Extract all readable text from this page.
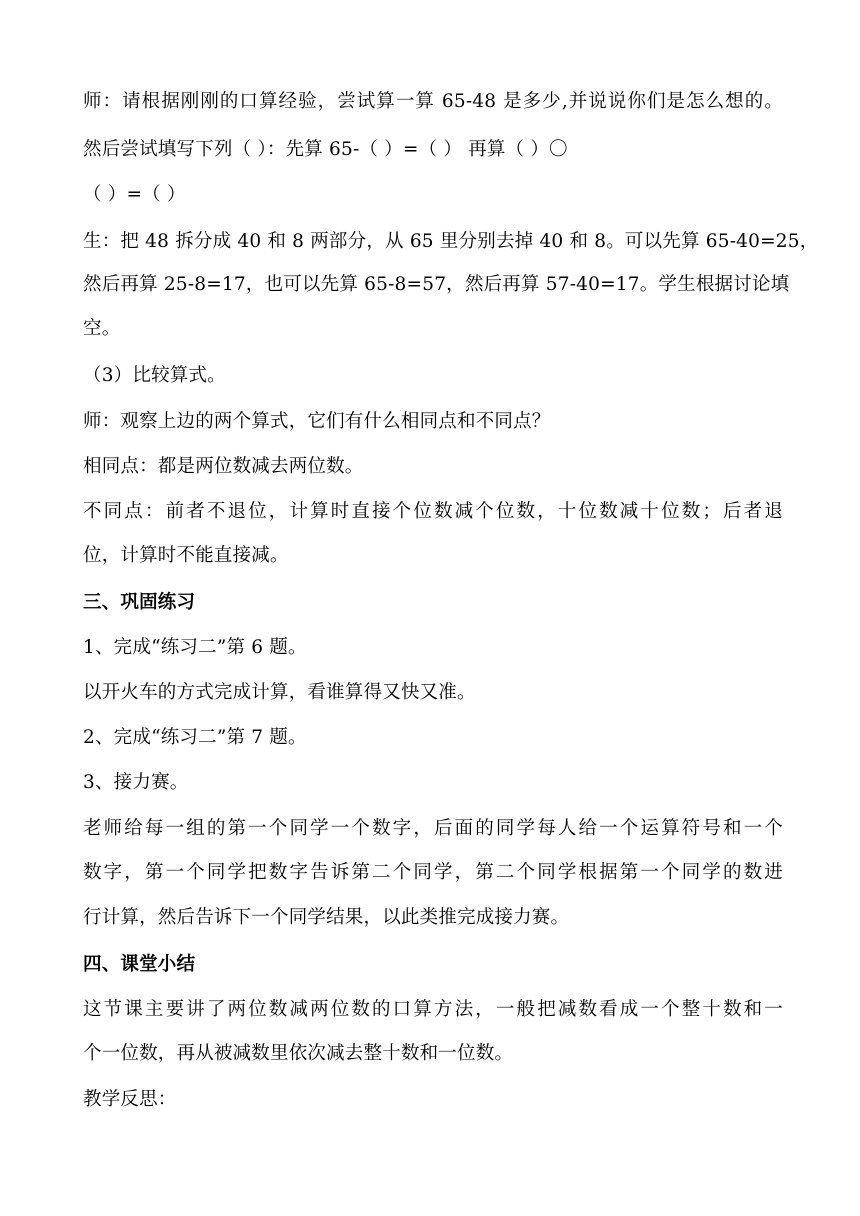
师：请根据刚刚的口算经验，尝试算一算 65-48 是多少,并说说你们是怎么想的。
然后尝试填写下列（ ）：先算 65-（ ）=（ ） 再算（ ）〇
（ ）=（ ）
生：把 48 拆分成 40 和 8 两部分，从 65 里分别去掉 40 和 8。可以先算 65-40=25，
然后再算 25-8=17，也可以先算 65-8=57，然后再算 57-40=17。学生根据讨论填
空。
（3）比较算式。
师：观察上边的两个算式，它们有什么相同点和不同点？
相同点：都是两位数减去两位数。
不同点：前者不退位，计算时直接个位数减个位数，十位数减十位数；后者退
位，计算时不能直接减。
三、巩固练习
1、完成“练习二”第 6 题。
以开火车的方式完成计算，看谁算得又快又准。
2、完成“练习二”第 7 题。
3、接力赛。
老师给每一组的第一个同学一个数字，后面的同学每人给一个运算符号和一个
数字，第一个同学把数字告诉第二个同学，第二个同学根据第一个同学的数进
行计算，然后告诉下一个同学结果，以此类推完成接力赛。
四、课堂小结
这节课主要讲了两位数减两位数的口算方法，一般把减数看成一个整十数和一
个一位数，再从被减数里依次减去整十数和一位数。
教学反思：
